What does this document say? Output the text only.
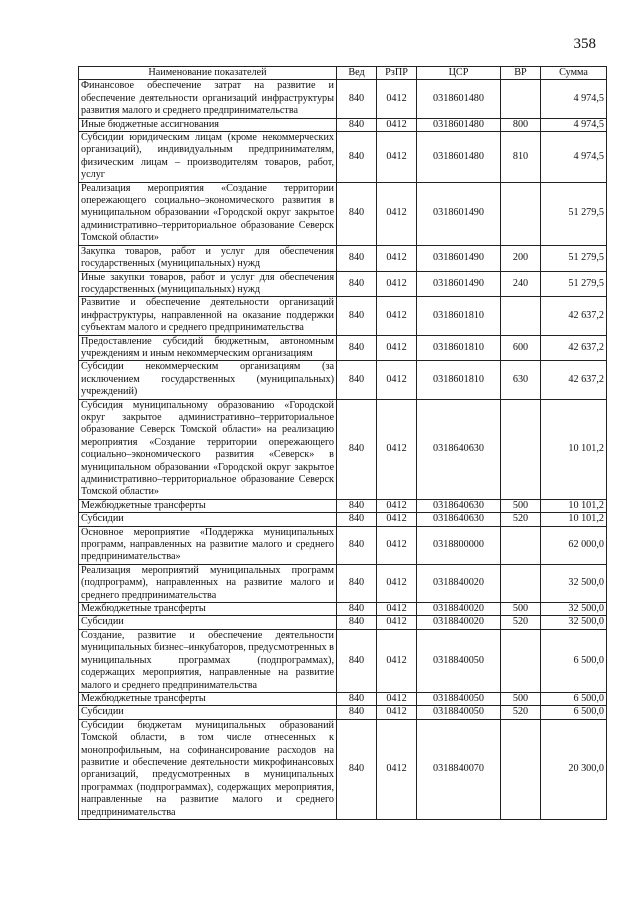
358
Наименование показателей	Вед	РзПР	ЦСР	ВР	Сумма
Финансовое обеспечение затрат на развитие и обеспечение деятельности организаций инфраструктуры развития малого и среднего предпринимательства	840	0412	0318601480		4 974,5
Иные бюджетные ассигнования	840	0412	0318601480	800	4 974,5
Субсидии юридическим лицам (кроме некоммерческих организаций), индивидуальным предпринимателям, физическим лицам – производителям товаров, работ, услуг	840	0412	0318601480	810	4 974,5
Реализация мероприятия «Создание территории опережающего социально–экономического развития в муниципальном образовании «Городской округ закрытое административно–территориальное образование Северск Томской области»	840	0412	0318601490		51 279,5
Закупка товаров, работ и услуг для обеспечения государственных (муниципальных) нужд	840	0412	0318601490	200	51 279,5
Иные закупки товаров, работ и услуг для обеспечения государственных (муниципальных) нужд	840	0412	0318601490	240	51 279,5
Развитие и обеспечение деятельности организаций инфраструктуры, направленной на оказание поддержки субъектам малого и среднего предпринимательства	840	0412	0318601810		42 637,2
Предоставление субсидий бюджетным, автономным учреждениям и иным некоммерческим организациям	840	0412	0318601810	600	42 637,2
Субсидии некоммерческим организациям (за исключением государственных (муниципальных) учреждений)	840	0412	0318601810	630	42 637,2
Субсидия муниципальному образованию «Городской округ закрытое административно–территориальное образование Северск Томской области» на реализацию мероприятия «Создание территории опережающего социально–экономического развития «Северск» в муниципальном образовании «Городской округ закрытое административно–территориальное образование Северск Томской области»	840	0412	0318640630		10 101,2
Межбюджетные трансферты	840	0412	0318640630	500	10 101,2
Субсидии	840	0412	0318640630	520	10 101,2
Основное мероприятие «Поддержка муниципальных программ, направленных на развитие малого и среднего предпринимательства»	840	0412	0318800000		62 000,0
Реализация мероприятий муниципальных программ (подпрограмм), направленных на развитие малого и среднего предпринимательства	840	0412	0318840020		32 500,0
Межбюджетные трансферты	840	0412	0318840020	500	32 500,0
Субсидии	840	0412	0318840020	520	32 500,0
Создание, развитие и обеспечение деятельности муниципальных бизнес–инкубаторов, предусмотренных в муниципальных программах (подпрограммах), содержащих мероприятия, направленные на развитие малого и среднего предпринимательства	840	0412	0318840050		6 500,0
Межбюджетные трансферты	840	0412	0318840050	500	6 500,0
Субсидии	840	0412	0318840050	520	6 500,0
Субсидии бюджетам муниципальных образований Томской области, в том числе отнесенных к монопрофильным, на софинансирование расходов на развитие и обеспечение деятельности микрофинансовых организаций, предусмотренных в муниципальных программах (подпрограммах), содержащих мероприятия, направленные на развитие малого и среднего предпринимательства	840	0412	0318840070		20 300,0
